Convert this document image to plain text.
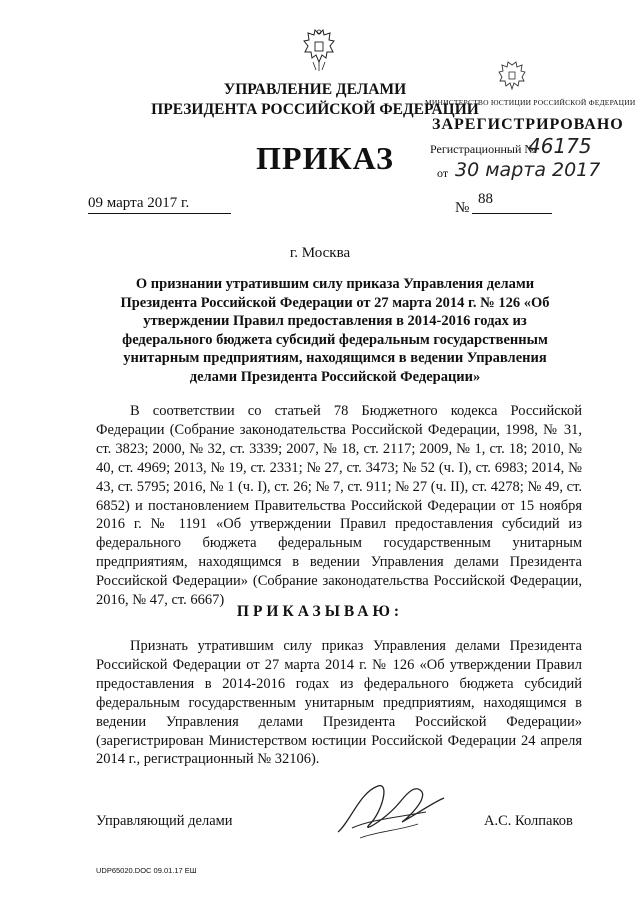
УПРАВЛЕНИЕ ДЕЛАМИ
ПРЕЗИДЕНТА РОССИЙСКОЙ ФЕДЕРАЦИИ
ПРИКАЗ
МИНИСТЕРСТВО ЮСТИЦИИ РОССИЙСКОЙ ФЕДЕРАЦИИ
ЗАРЕГИСТРИРОВАНО
Регистрационный №
46175
от 30 марта 2017
09 марта 2017 г.	№
88
г. Москва
О признании утратившим силу приказа Управления делами Президента Российской Федерации от 27 марта 2014 г. № 126 «Об утверждении Правил предоставления в 2014-2016 годах из федерального бюджета субсидий федеральным государственным унитарным предприятиям, находящимся в ведении Управления делами Президента Российской Федерации»
В соответствии со статьей 78 Бюджетного кодекса Российской Федерации (Собрание законодательства Российской Федерации, 1998, № 31, ст. 3823; 2000, № 32, ст. 3339; 2007, № 18, ст. 2117; 2009, № 1, ст. 18; 2010, № 40, ст. 4969; 2013, № 19, ст. 2331; № 27, ст. 3473; № 52 (ч. I), ст. 6983; 2014, № 43, ст. 5795; 2016, № 1 (ч. I), ст. 26; № 7, ст. 911; № 27 (ч. II), ст. 4278; № 49, ст. 6852) и постановлением Правительства Российской Федерации от 15 ноября 2016 г. № 1191 «Об утверждении Правил предоставления субсидий из федерального бюджета федеральным государственным унитарным предприятиям, находящимся в ведении Управления делами Президента Российской Федерации» (Собрание законодательства Российской Федерации, 2016, № 47, ст. 6667)
ПРИКАЗЫВАЮ:
Признать утратившим силу приказ Управления делами Президента Российской Федерации от 27 марта 2014 г. № 126 «Об утверждении Правил предоставления в 2014-2016 годах из федерального бюджета субсидий федеральным государственным унитарным предприятиям, находящимся в ведении Управления делами Президента Российской Федерации» (зарегистрирован Министерством юстиции Российской Федерации 24 апреля 2014 г., регистрационный № 32106).
Управляющий делами	А.С. Колпаков
UDP65020.DOC 09.01.17 ЕШ
